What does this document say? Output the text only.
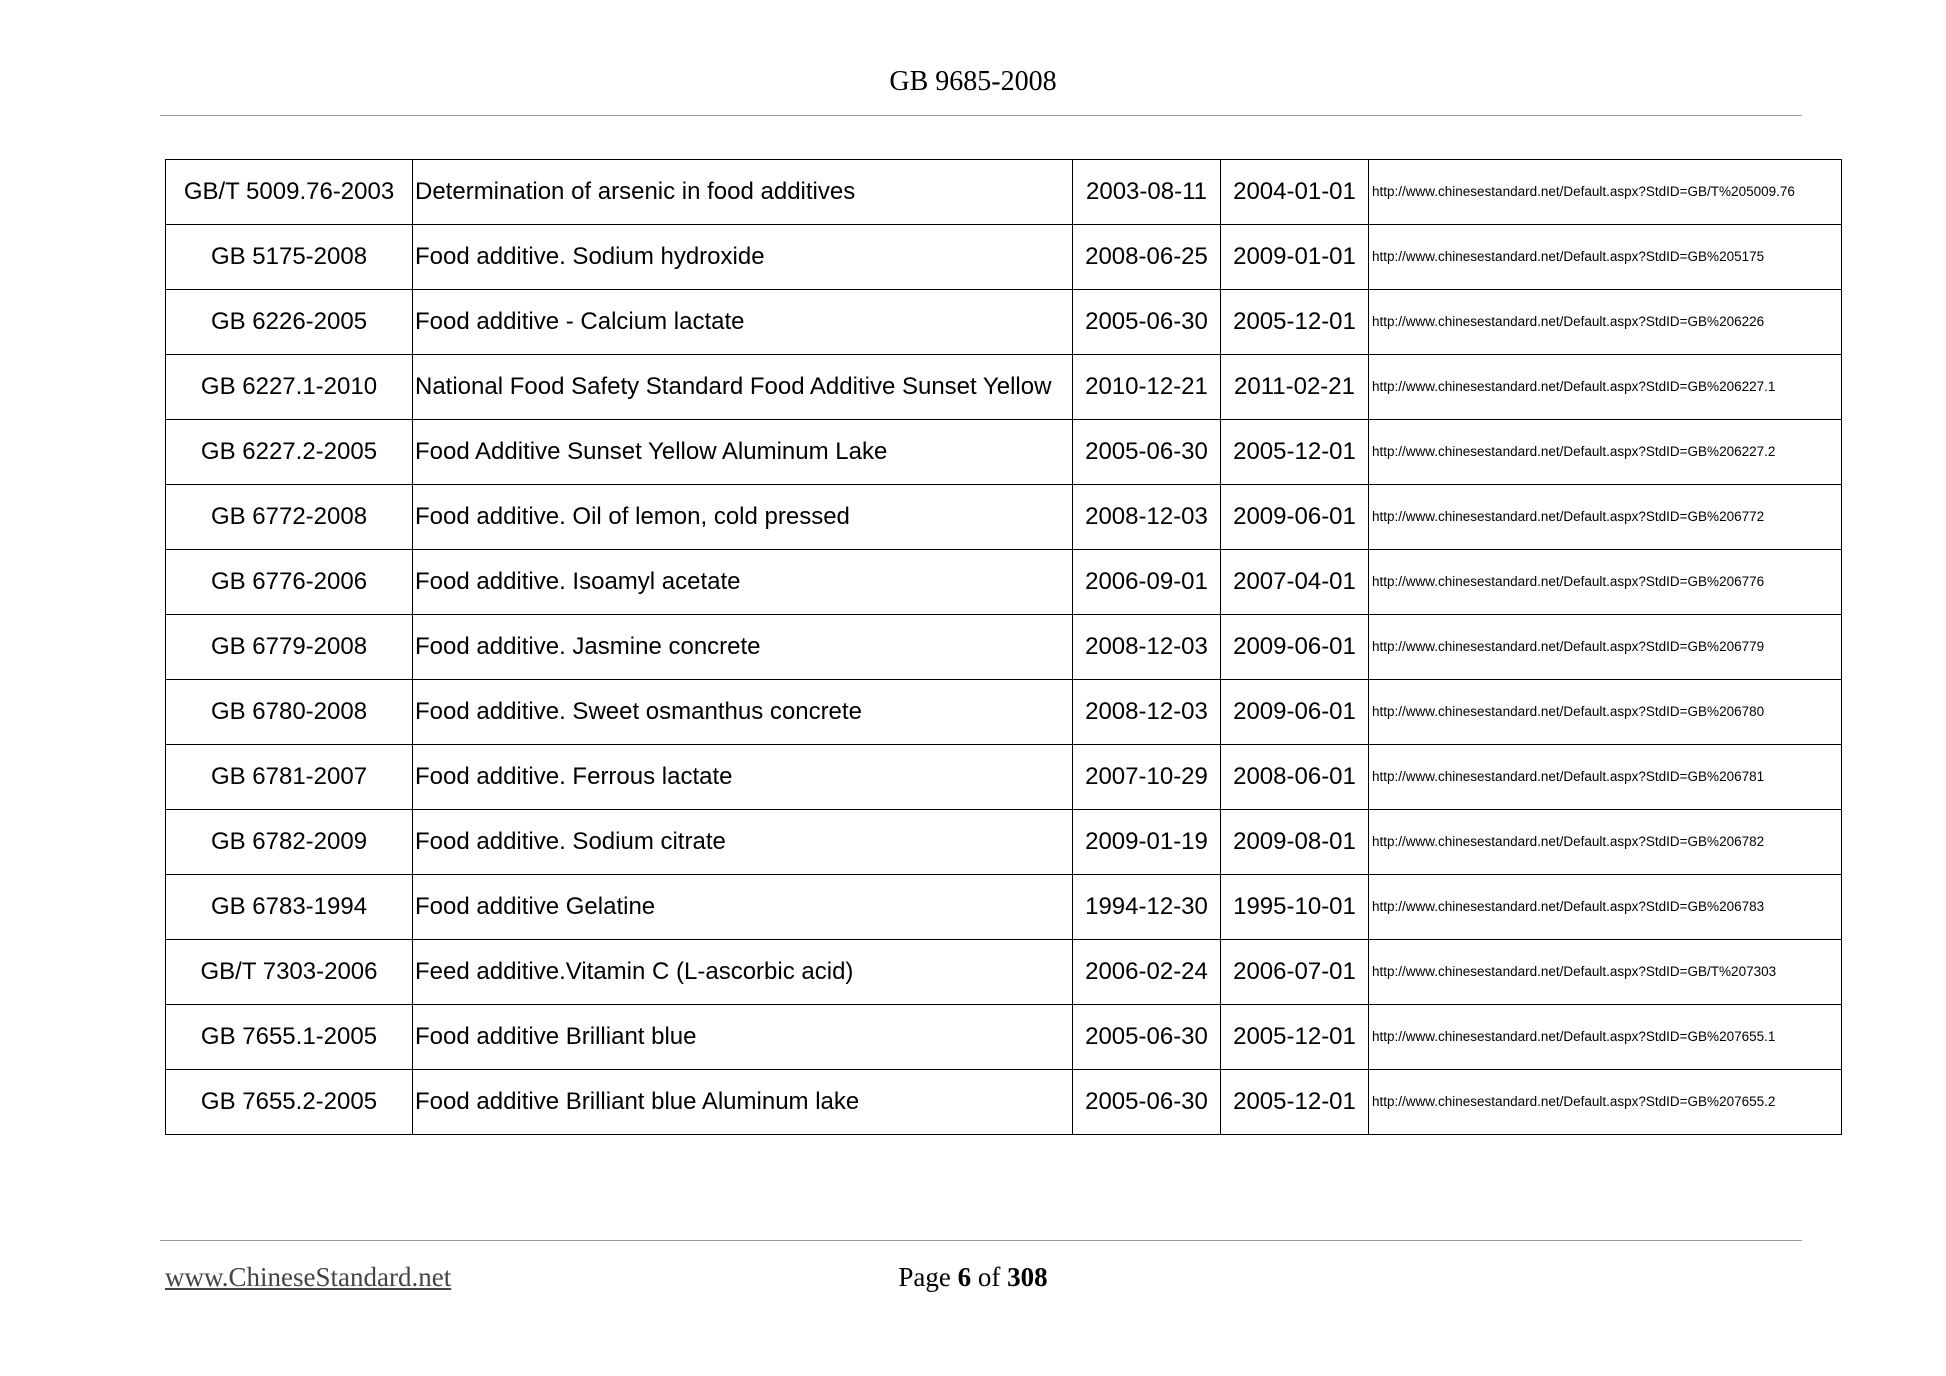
GB 9685-2008
GB/T 5009.76-2003	Determination of arsenic in food additives	2003-08-11	2004-01-01	http://www.chinesestandard.net/Default.aspx?StdID=GB/T%205009.76
GB 5175-2008	Food additive. Sodium hydroxide	2008-06-25	2009-01-01	http://www.chinesestandard.net/Default.aspx?StdID=GB%205175
GB 6226-2005	Food additive - Calcium lactate	2005-06-30	2005-12-01	http://www.chinesestandard.net/Default.aspx?StdID=GB%206226
GB 6227.1-2010	National Food Safety Standard Food Additive Sunset Yellow	2010-12-21	2011-02-21	http://www.chinesestandard.net/Default.aspx?StdID=GB%206227.1
GB 6227.2-2005	Food Additive Sunset Yellow Aluminum Lake	2005-06-30	2005-12-01	http://www.chinesestandard.net/Default.aspx?StdID=GB%206227.2
GB 6772-2008	Food additive. Oil of lemon, cold pressed	2008-12-03	2009-06-01	http://www.chinesestandard.net/Default.aspx?StdID=GB%206772
GB 6776-2006	Food additive. Isoamyl acetate	2006-09-01	2007-04-01	http://www.chinesestandard.net/Default.aspx?StdID=GB%206776
GB 6779-2008	Food additive. Jasmine concrete	2008-12-03	2009-06-01	http://www.chinesestandard.net/Default.aspx?StdID=GB%206779
GB 6780-2008	Food additive. Sweet osmanthus concrete	2008-12-03	2009-06-01	http://www.chinesestandard.net/Default.aspx?StdID=GB%206780
GB 6781-2007	Food additive. Ferrous lactate	2007-10-29	2008-06-01	http://www.chinesestandard.net/Default.aspx?StdID=GB%206781
GB 6782-2009	Food additive. Sodium citrate	2009-01-19	2009-08-01	http://www.chinesestandard.net/Default.aspx?StdID=GB%206782
GB 6783-1994	Food additive Gelatine	1994-12-30	1995-10-01	http://www.chinesestandard.net/Default.aspx?StdID=GB%206783
GB/T 7303-2006	Feed additive.Vitamin C (L-ascorbic acid)	2006-02-24	2006-07-01	http://www.chinesestandard.net/Default.aspx?StdID=GB/T%207303
GB 7655.1-2005	Food additive Brilliant blue	2005-06-30	2005-12-01	http://www.chinesestandard.net/Default.aspx?StdID=GB%207655.1
GB 7655.2-2005	Food additive Brilliant blue Aluminum lake	2005-06-30	2005-12-01	http://www.chinesestandard.net/Default.aspx?StdID=GB%207655.2
www.ChineseStandard.net	Page 6 of 308
